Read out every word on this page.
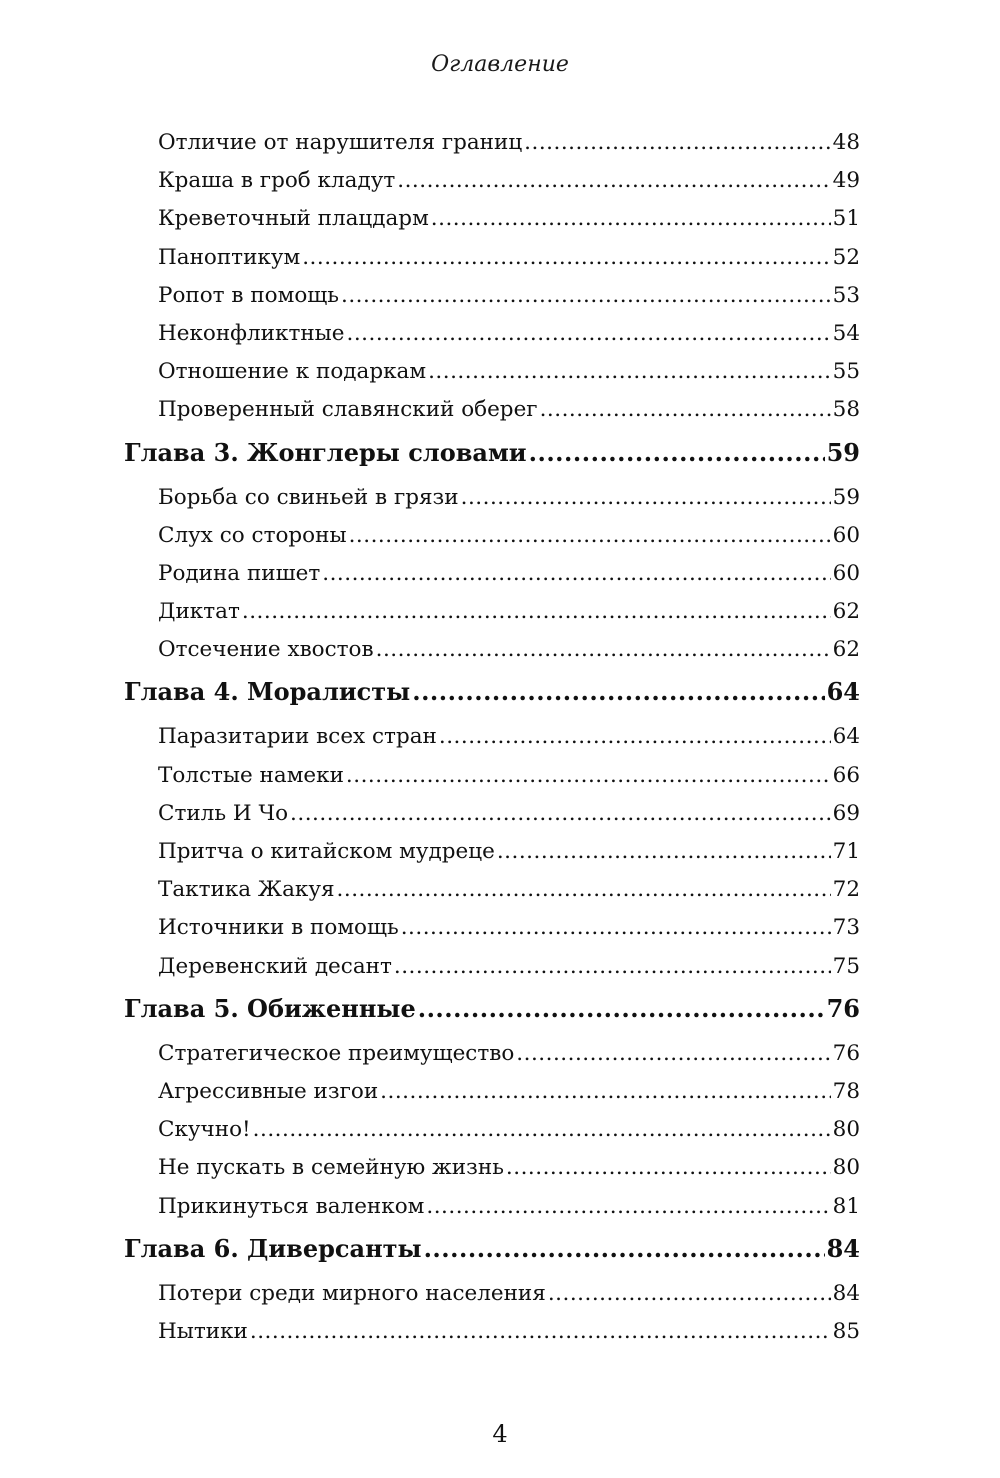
Оглавление
Отличие от нарушителя границ .....	48
Краша в гроб кладут .....	49
Креветочный плацдарм .....	51
Паноптикум .....	52
Ропот в помощь .....	53
Неконфликтные .....	54
Отношение к подаркам .....	55
Проверенный славянский оберег .....	58
Глава 3. Жонглеры словами .....	59
Борьба со свиньей в грязи .....	59
Слух со стороны .....	60
Родина пишет .....	60
Диктат .....	62
Отсечение хвостов .....	62
Глава 4. Моралисты .....	64
Паразитарии всех стран .....	64
Толстые намеки .....	66
Стиль И Чо .....	69
Притча о китайском мудреце .....	71
Тактика Жакуя .....	72
Источники в помощь .....	73
Деревенский десант .....	75
Глава 5. Обиженные .....	76
Стратегическое преимущество .....	76
Агрессивные изгои .....	78
Скучно! .....	80
Не пускать в семейную жизнь .....	80
Прикинуться валенком .....	81
Глава 6. Диверсанты .....	84
Потери среди мирного населения .....	84
Нытики .....	85
4
